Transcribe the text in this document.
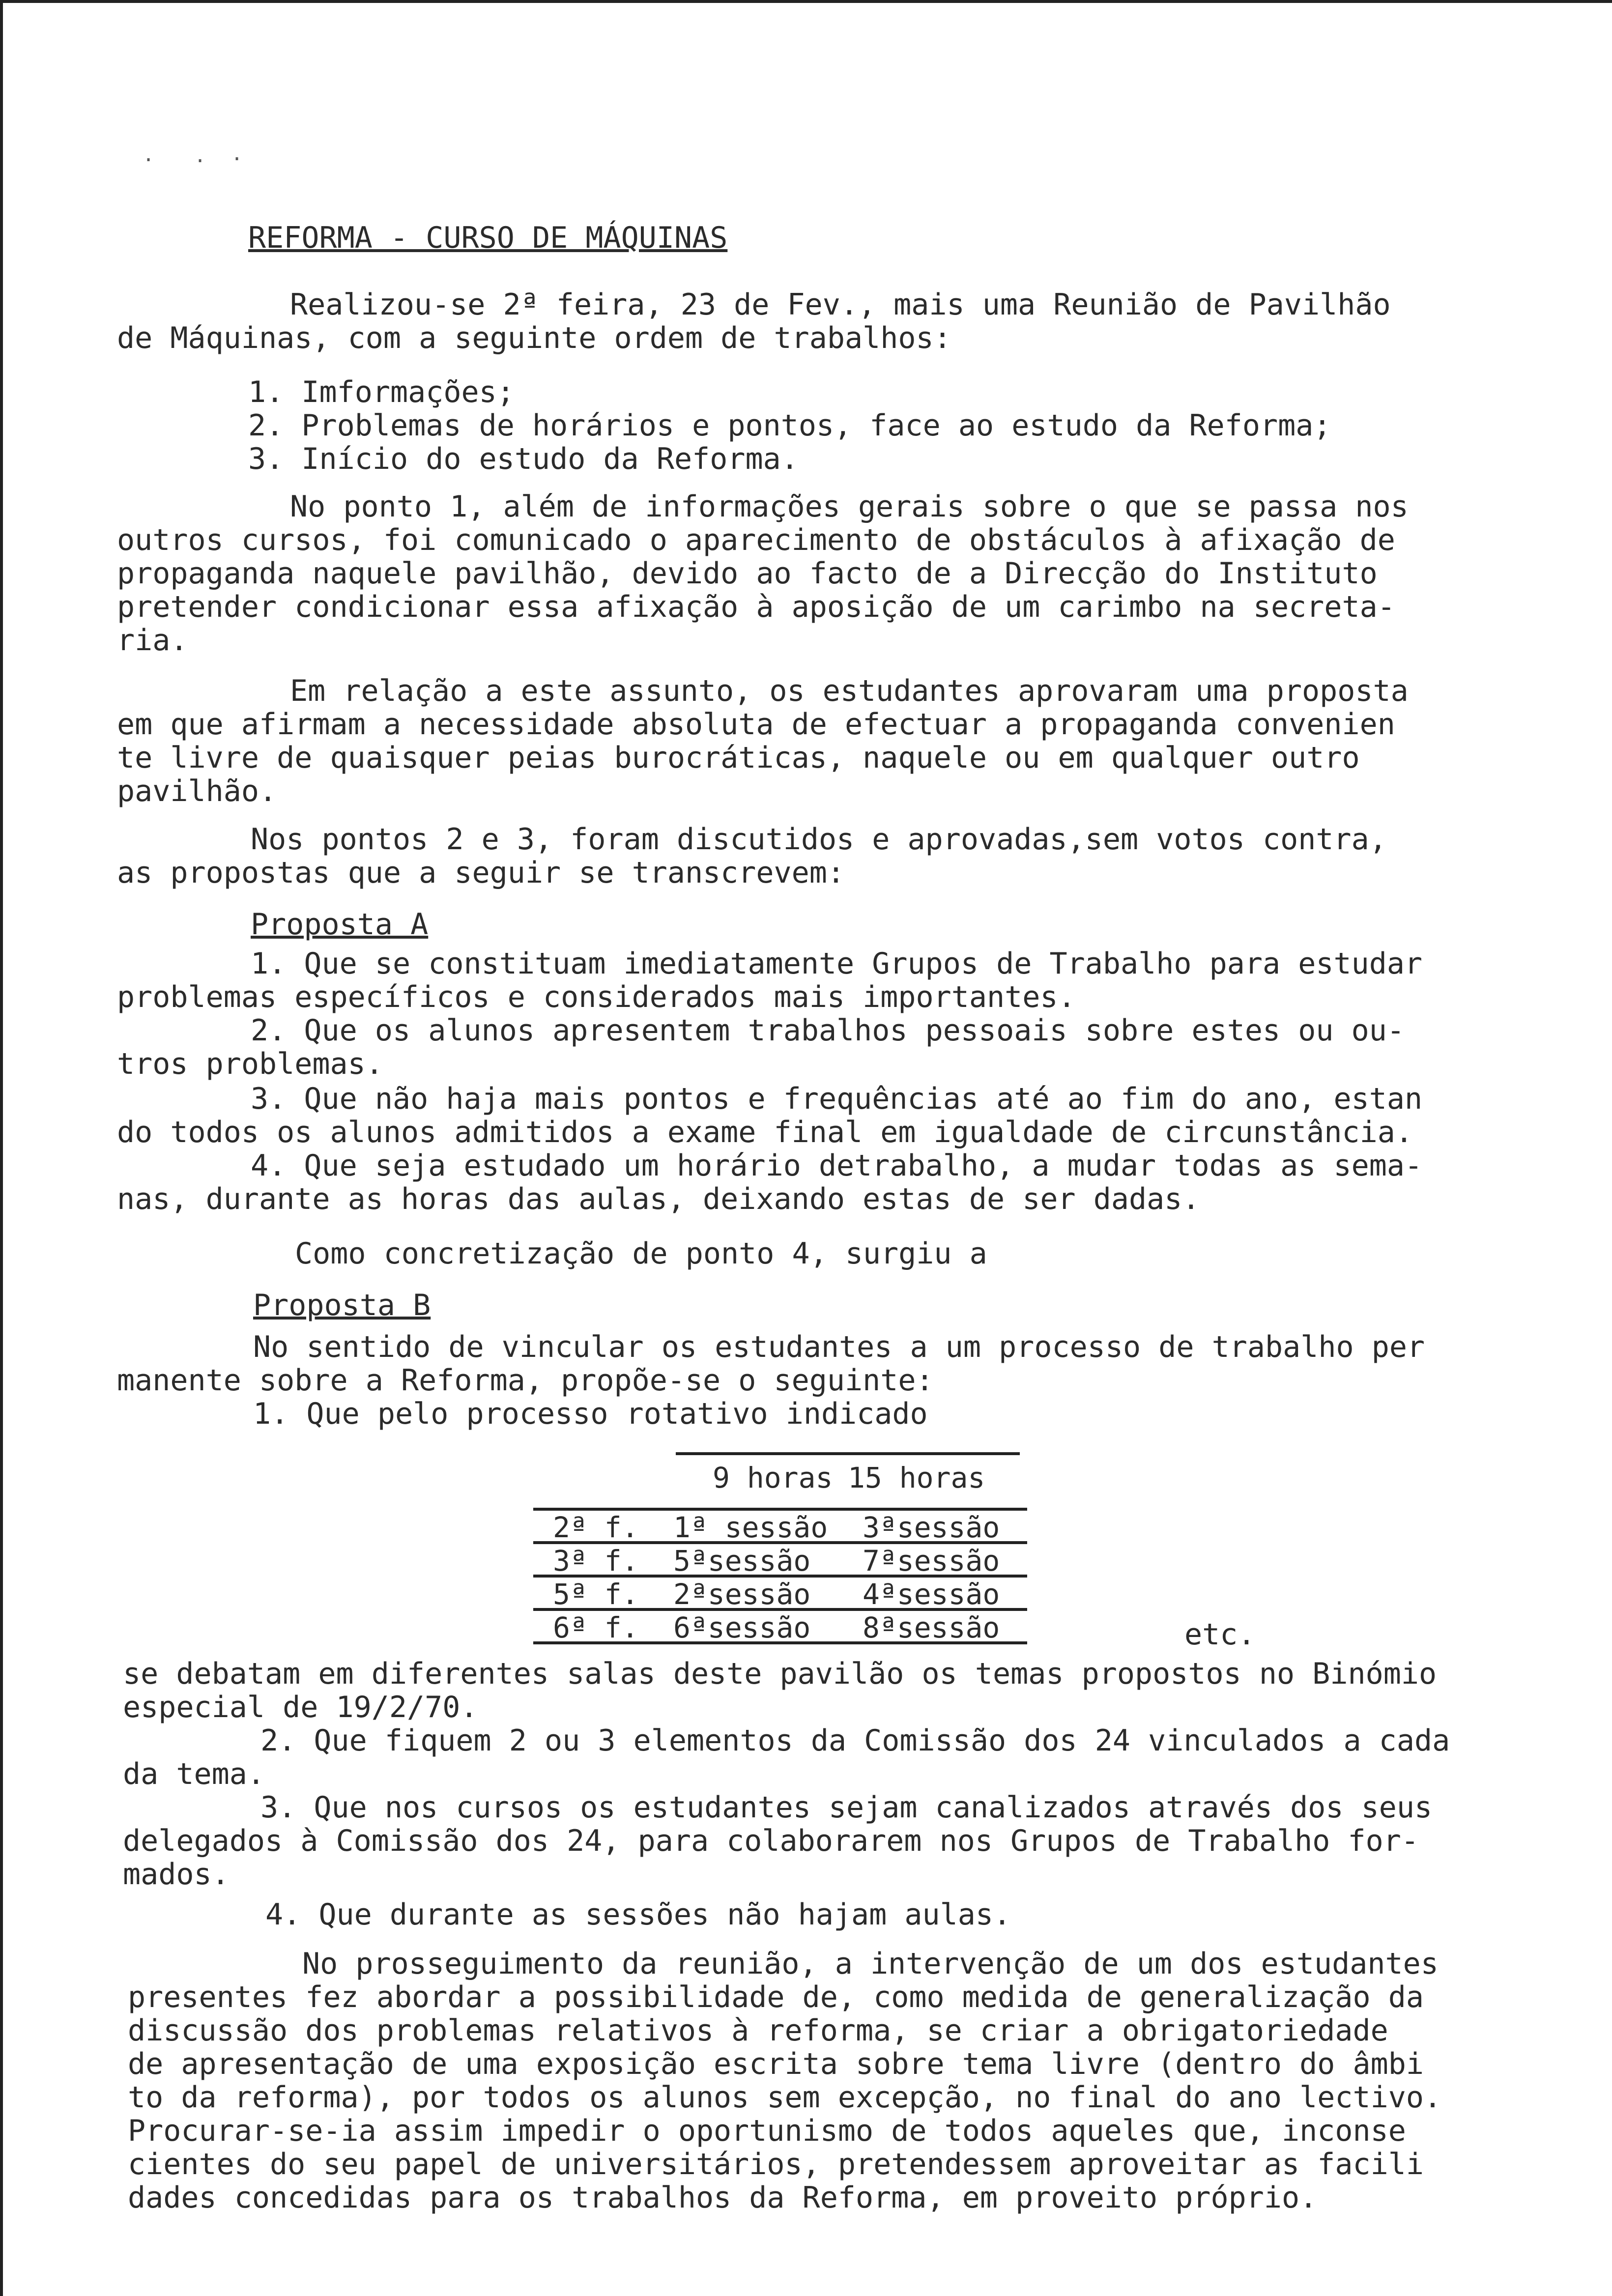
· · ·
REFORMA - CURSO DE MÁQUINAS
Realizou-se 2ª feira, 23 de Fev., mais uma Reunião de Pavilhão
de Máquinas, com a seguinte ordem de trabalhos:
1. Imformações;
2. Problemas de horários e pontos, face ao estudo da Reforma;
3. Início do estudo da Reforma.
No ponto 1, além de informações gerais sobre o que se passa nos
outros cursos, foi comunicado o aparecimento de obstáculos à afixação de
propaganda naquele pavilhão, devido ao facto de a Direcção do Instituto
pretender condicionar essa afixação à aposição de um carimbo na secreta-
ria.
Em relação a este assunto, os estudantes aprovaram uma proposta
em que afirmam a necessidade absoluta de efectuar a propaganda convenien
te livre de quaisquer peias burocráticas, naquele ou em qualquer outro
pavilhão.
Nos pontos 2 e 3, foram discutidos e aprovadas,sem votos contra,
as propostas que a seguir se transcrevem:
Proposta A
1. Que se constituam imediatamente Grupos de Trabalho para estudar
problemas específicos e considerados mais importantes.
2. Que os alunos apresentem trabalhos pessoais sobre estes ou ou-
tros problemas.
3. Que não haja mais pontos e frequências até ao fim do ano, estan
do todos os alunos admitidos a exame final em igualdade de circunstância.
4. Que seja estudado um horário detrabalho, a mudar todas as sema-
nas, durante as horas das aulas, deixando estas de ser dadas.
Como concretização de ponto 4, surgiu a
Proposta B
No sentido de vincular os estudantes a um processo de trabalho per
manente sobre a Reforma, propõe-se o seguinte:
1. Que pelo processo rotativo indicado
9 horas 15 horas

2ª f.

1ª sessão

3ªsessão

3ª f.

5ªsessão

7ªsessão

5ª f.

2ªsessão

4ªsessão

6ª f.

6ªsessão

8ªsessão

	etc.
se debatam em diferentes salas deste pavilão os temas propostos no Binómio
especial de 19/2/70.
2. Que fiquem 2 ou 3 elementos da Comissão dos 24 vinculados a cada
da tema.
3. Que nos cursos os estudantes sejam canalizados através dos seus
delegados à Comissão dos 24, para colaborarem nos Grupos de Trabalho for-
mados.
4. Que durante as sessões não hajam aulas.
No prosseguimento da reunião, a intervenção de um dos estudantes
presentes fez abordar a possibilidade de, como medida de generalização da
discussão dos problemas relativos à reforma, se criar a obrigatoriedade
de apresentação de uma exposição escrita sobre tema livre (dentro do âmbi
to da reforma), por todos os alunos sem excepção, no final do ano lectivo.
Procurar-se-ia assim impedir o oportunismo de todos aqueles que, inconse
cientes do seu papel de universitários, pretendessem aproveitar as facili
dades concedidas para os trabalhos da Reforma, em proveito próprio.
